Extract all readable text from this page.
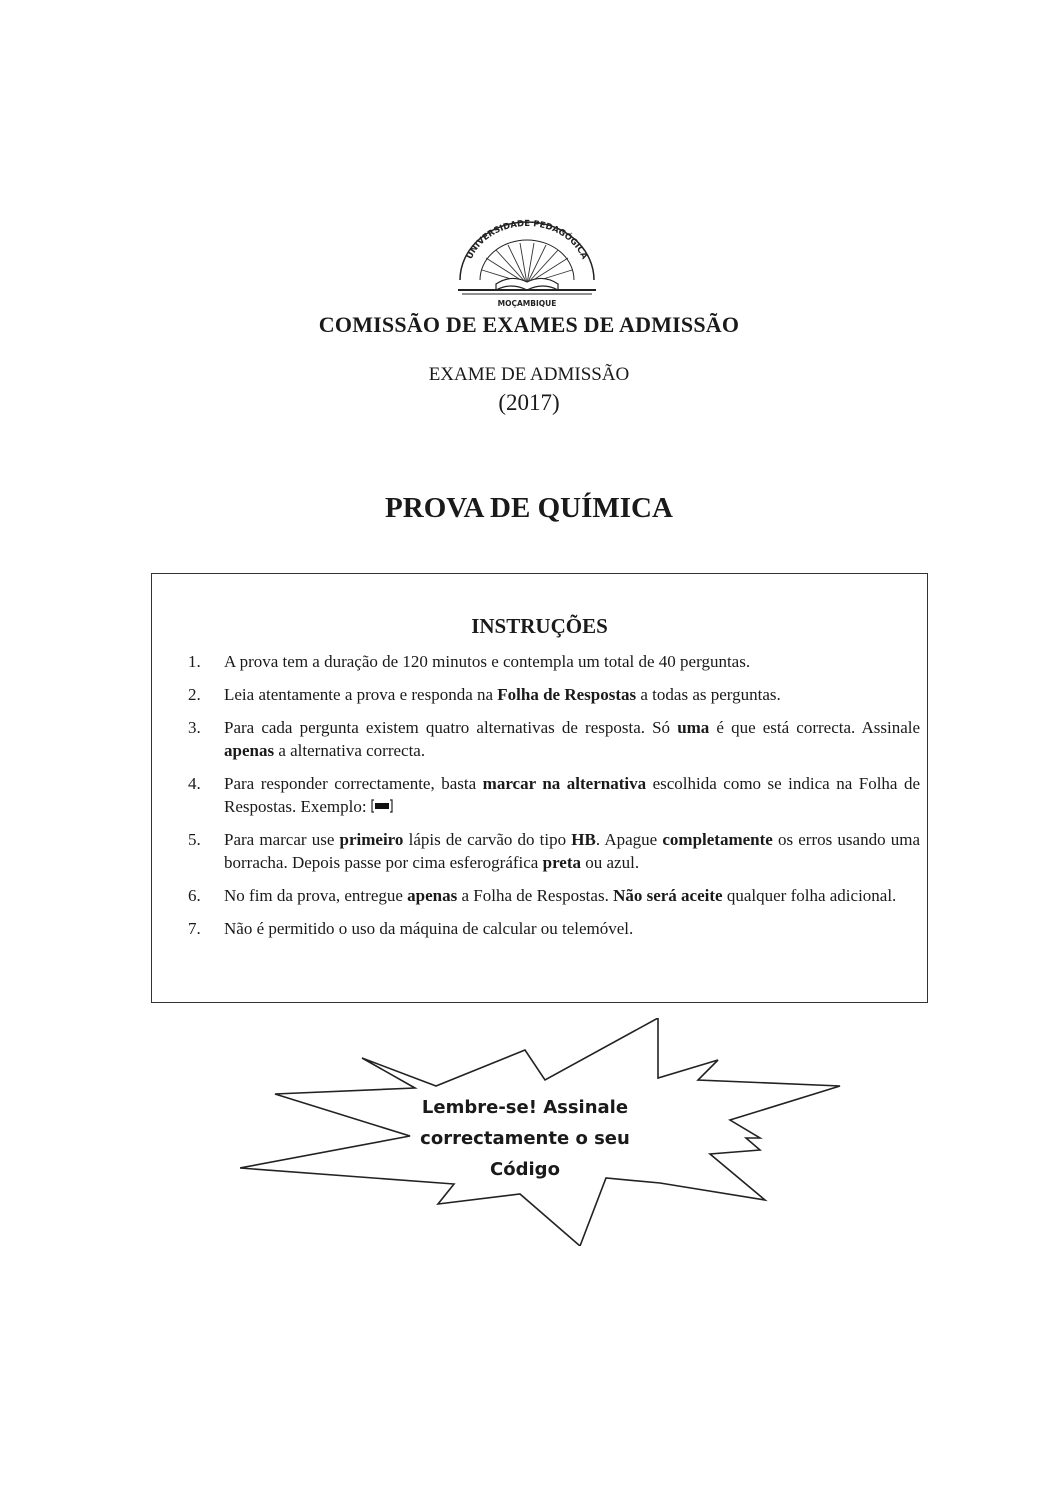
UNIVERSIDADE PEDAGÓGICA
MOÇAMBIQUE
COMISSÃO DE EXAMES DE ADMISSÃO
EXAME DE ADMISSÃO
(2017)
PROVA DE QUÍMICA
INSTRUÇÕES
1. A prova tem a duração de 120 minutos e contempla um total de 40 perguntas.
2. Leia atentamente a prova e responda na Folha de Respostas a todas as perguntas.
3. Para cada pergunta existem quatro alternativas de resposta. Só uma é que está correcta. Assinale apenas a alternativa correcta.
4. Para responder correctamente, basta marcar na alternativa escolhida como se indica na Folha de Respostas. Exemplo:
5. Para marcar use primeiro lápis de carvão do tipo HB. Apague completamente os erros usando uma borracha. Depois passe por cima esferográfica preta ou azul.
6. No fim da prova, entregue apenas a Folha de Respostas. Não será aceite qualquer folha adicional.
7. Não é permitido o uso da máquina de calcular ou telemóvel.
Lembre-se! Assinale
correctamente o seu
Código
